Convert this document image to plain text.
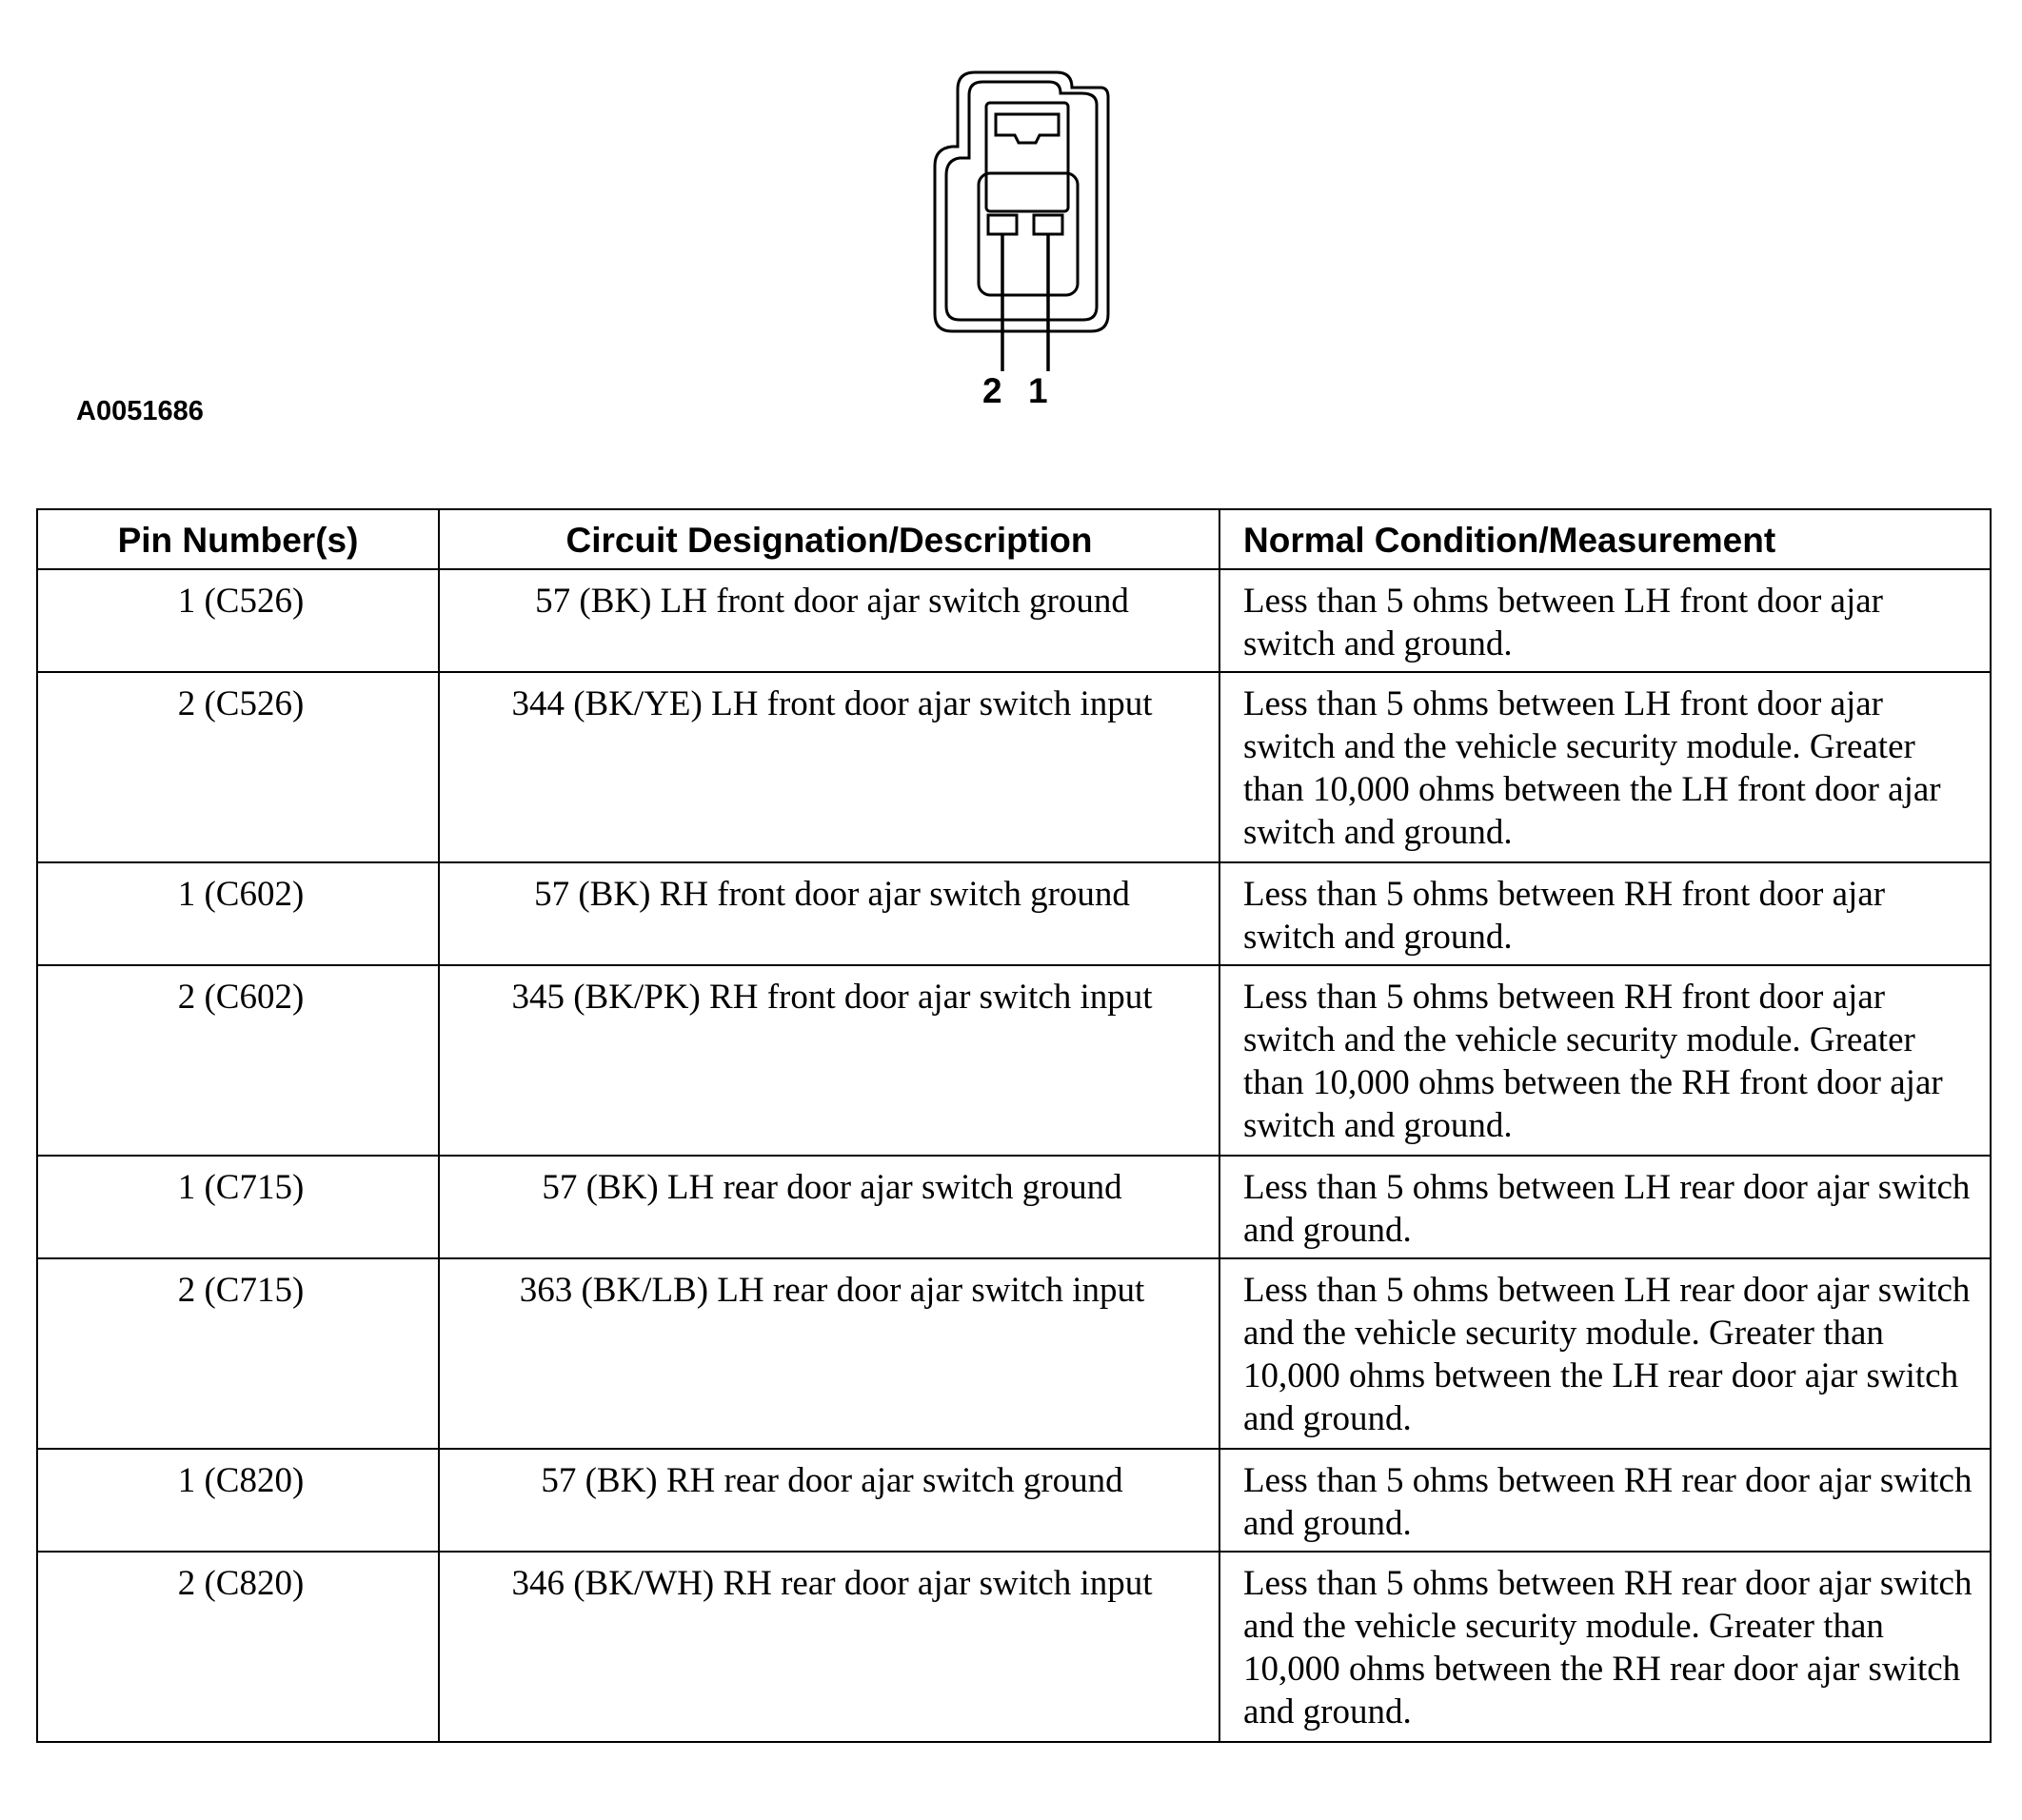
2 1
A0051686
Pin Number(s)	Circuit Designation/Description	Normal Condition/Measurement
1 (C526)	57 (BK) LH front door ajar switch ground	Less than 5 ohms between LH front door ajar switch and ground.
2 (C526)	344 (BK/YE) LH front door ajar switch input	Less than 5 ohms between LH front door ajar switch and the vehicle security module. Greater than 10,000 ohms between the LH front door ajar switch and ground.
1 (C602)	57 (BK) RH front door ajar switch ground	Less than 5 ohms between RH front door ajar switch and ground.
2 (C602)	345 (BK/PK) RH front door ajar switch input	Less than 5 ohms between RH front door ajar switch and the vehicle security module. Greater than 10,000 ohms between the RH front door ajar switch and ground.
1 (C715)	57 (BK) LH rear door ajar switch ground	Less than 5 ohms between LH rear door ajar switch and ground.
2 (C715)	363 (BK/LB) LH rear door ajar switch input	Less than 5 ohms between LH rear door ajar switch and the vehicle security module. Greater than 10,000 ohms between the LH rear door ajar switch and ground.
1 (C820)	57 (BK) RH rear door ajar switch ground	Less than 5 ohms between RH rear door ajar switch and ground.
2 (C820)	346 (BK/WH) RH rear door ajar switch input	Less than 5 ohms between RH rear door ajar switch and the vehicle security module. Greater than 10,000 ohms between the RH rear door ajar switch and ground.
